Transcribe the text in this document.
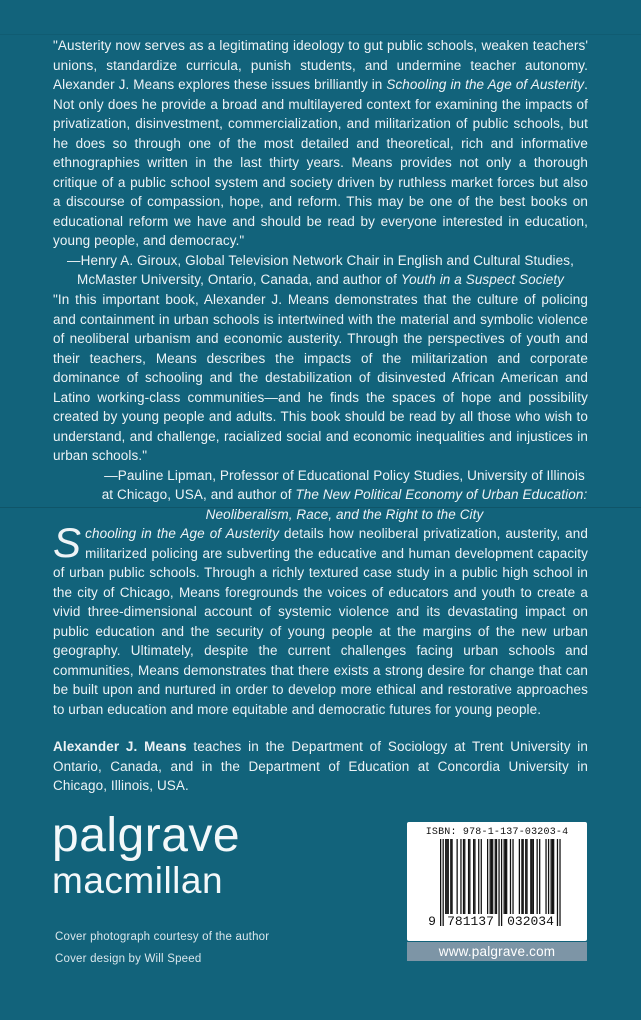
"Austerity now serves as a legitimating ideology to gut public schools, weaken teachers' unions, standardize curricula, punish students, and undermine teacher autonomy. Alexander J. Means explores these issues brilliantly in Schooling in the Age of Austerity. Not only does he provide a broad and multilayered context for examining the impacts of privatization, disinvestment, commercialization, and militarization of public schools, but he does so through one of the most detailed and theoretical, rich and informative ethnographies written in the last thirty years. Means provides not only a thorough critique of a public school system and society driven by ruthless market forces but also a discourse of compassion, hope, and reform. This may be one of the best books on educational reform we have and should be read by everyone interested in education, young people, and democracy."

—Henry A. Giroux, Global Television Network Chair in English and Cultural Studies, McMaster University, Ontario, Canada, and author of Youth in a Suspect Society

"In this important book, Alexander J. Means demonstrates that the culture of policing and containment in urban schools is intertwined with the material and symbolic violence of neoliberal urbanism and economic austerity. Through the perspectives of youth and their teachers, Means describes the impacts of the militarization and corporate dominance of schooling and the destabilization of disinvested African American and Latino working-class communities—and he finds the spaces of hope and possibility created by young people and adults. This book should be read by all those who wish to understand, and challenge, racialized social and economic inequalities and injustices in urban schools."

—Pauline Lipman, Professor of Educational Policy Studies, University of Illinois at Chicago, USA, and author of The New Political Economy of Urban Education: Neoliberalism, Race, and the Right to the City

Schooling in the Age of Austerity details how neoliberal privatization, austerity, and militarized policing are subverting the educative and human development capacity of urban public schools. Through a richly textured case study in a public high school in the city of Chicago, Means foregrounds the voices of educators and youth to create a vivid three-dimensional account of systemic violence and its devastating impact on public education and the security of young people at the margins of the new urban geography. Ultimately, despite the current challenges facing urban schools and communities, Means demonstrates that there exists a strong desire for change that can be built upon and nurtured in order to develop more ethical and restorative approaches to urban education and more equitable and democratic futures for young people.

Alexander J. Means teaches in the Department of Sociology at Trent University in Ontario, Canada, and in the Department of Education at Concordia University in Chicago, Illinois, USA.

palgrave
macmillan
ISBN: 978-1-137-03203-4
9 781137 032034
www.palgrave.com
Cover photograph courtesy of the author
Cover design by Will Speed
